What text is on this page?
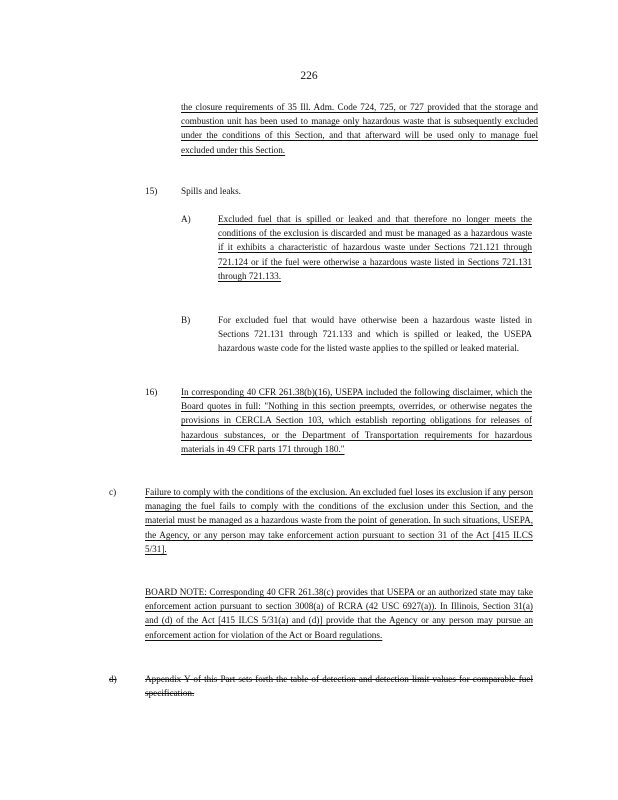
226

the closure requirements of 35 Ill. Adm. Code 724, 725, or 727 provided that the storage and combustion unit has been used to manage only hazardous waste that is subsequently excluded under the conditions of this Section, and that afterward will be used only to manage fuel excluded under this Section.

15)	Spills and leaks.
A)	Excluded fuel that is spilled or leaked and that therefore no longer meets the conditions of the exclusion is discarded and must be managed as a hazardous waste if it exhibits a characteristic of hazardous waste under Sections 721.121 through 721.124 or if the fuel were otherwise a hazardous waste listed in Sections 721.131 through 721.133.

B)	For excluded fuel that would have otherwise been a hazardous waste listed in Sections 721.131 through 721.133 and which is spilled or leaked, the USEPA hazardous waste code for the listed waste applies to the spilled or leaked material.

16)	In corresponding 40 CFR 261.38(b)(16), USEPA included the following disclaimer, which the Board quotes in full: "Nothing in this section preempts, overrides, or otherwise negates the provisions in CERCLA Section 103, which establish reporting obligations for releases of hazardous substances, or the Department of Transportation requirements for hazardous materials in 49 CFR parts 171 through 180."

c)	Failure to comply with the conditions of the exclusion. An excluded fuel loses its exclusion if any person managing the fuel fails to comply with the conditions of the exclusion under this Section, and the material must be managed as a hazardous waste from the point of generation. In such situations, USEPA, the Agency, or any person may take enforcement action pursuant to section 31 of the Act [415 ILCS 5/31].

BOARD NOTE: Corresponding 40 CFR 261.38(c) provides that USEPA or an authorized state may take enforcement action pursuant to section 3008(a) of RCRA (42 USC 6927(a)). In Illinois, Section 31(a) and (d) of the Act [415 ILCS 5/31(a) and (d)] provide that the Agency or any person may pursue an enforcement action for violation of the Act or Board regulations.

d)	Appendix Y of this Part sets forth the table of detection and detection limit values for comparable fuel specification.
